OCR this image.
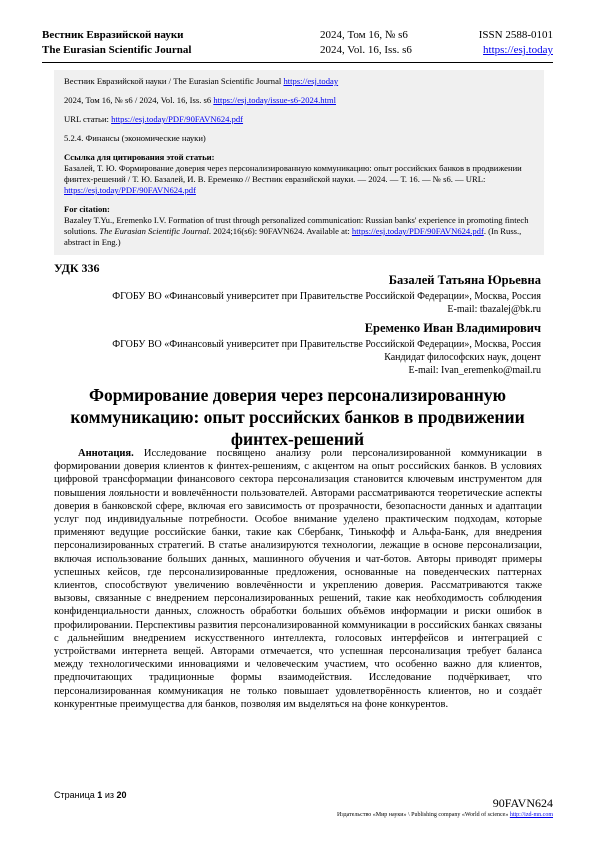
Вестник Евразийской науки
The Eurasian Scientific Journal
2024, Том 16, № s6
2024, Vol. 16, Iss. s6
ISSN 2588-0101
https://esj.today

Вестник Евразийской науки / The Eurasian Scientific Journal https://esj.today

2024, Том 16, № s6 / 2024, Vol. 16, Iss. s6 https://esj.today/issue-s6-2024.html

URL статьи: https://esj.today/PDF/90FAVN624.pdf

5.2.4. Финансы (экономические науки)

Ссылка для цитирования этой статьи:

Базалей, Т. Ю. Формирование доверия через персонализированную коммуникацию: опыт российских банков в продвижении финтех-решений / Т. Ю. Базалей, И. В. Еременко // Вестник евразийской науки. — 2024. — Т. 16. — № s6. — URL: https://esj.today/PDF/90FAVN624.pdf

For citation:

Bazaley T.Yu., Eremenko I.V. Formation of trust through personalized communication: Russian banks' experience in promoting fintech solutions. The Eurasian Scientific Journal. 2024;16(s6): 90FAVN624. Available at: https://esj.today/PDF/90FAVN624.pdf. (In Russ., abstract in Eng.)

УДК 336
Базалей Татьяна Юрьевна
ФГОБУ ВО «Финансовый университет при Правительстве Российской Федерации», Москва, Россия
E-mail: tbazalej@bk.ru
Еременко Иван Владимирович
ФГОБУ ВО «Финансовый университет при Правительстве Российской Федерации», Москва, Россия
Кандидат философских наук, доцент
E-mail: Ivan_eremenko@mail.ru
Формирование доверия через персонализированную коммуникацию: опыт российских банков в продвижении финтех-решений
Аннотация. Исследование посвящено анализу роли персонализированной коммуникации в формировании доверия клиентов к финтех-решениям, с акцентом на опыт российских банков. В условиях цифровой трансформации финансового сектора персонализация становится ключевым инструментом для повышения лояльности и вовлечённости пользователей. Авторами рассматриваются теоретические аспекты доверия в банковской сфере, включая его зависимость от прозрачности, безопасности данных и адаптации услуг под индивидуальные потребности. Особое внимание уделено практическим подходам, которые применяют ведущие российские банки, такие как Сбербанк, Тинькофф и Альфа-Банк, для внедрения персонализированных стратегий. В статье анализируются технологии, лежащие в основе персонализации, включая использование больших данных, машинного обучения и чат-ботов. Авторы приводят примеры успешных кейсов, где персонализированные предложения, основанные на поведенческих паттернах клиентов, способствуют увеличению вовлечённости и укреплению доверия. Рассматриваются также вызовы, связанные с внедрением персонализированных решений, такие как необходимость соблюдения конфиденциальности данных, сложность обработки больших объёмов информации и риски ошибок в профилировании. Перспективы развития персонализированной коммуникации в российских банках связаны с дальнейшим внедрением искусственного интеллекта, голосовых интерфейсов и интеграцией с устройствами интернета вещей. Авторами отмечается, что успешная персонализация требует баланса между технологическими инновациями и человеческим участием, что особенно важно для клиентов, предпочитающих традиционные формы взаимодействия. Исследование подчёркивает, что персонализированная коммуникация не только повышает удовлетворённость клиентов, но и создаёт конкурентные преимущества для банков, позволяя им выделяться на фоне конкурентов.
Страница 1 из 20
90FAVN624
Издательство «Мир науки» \ Publishing company «World of science» http://izd-mn.com
